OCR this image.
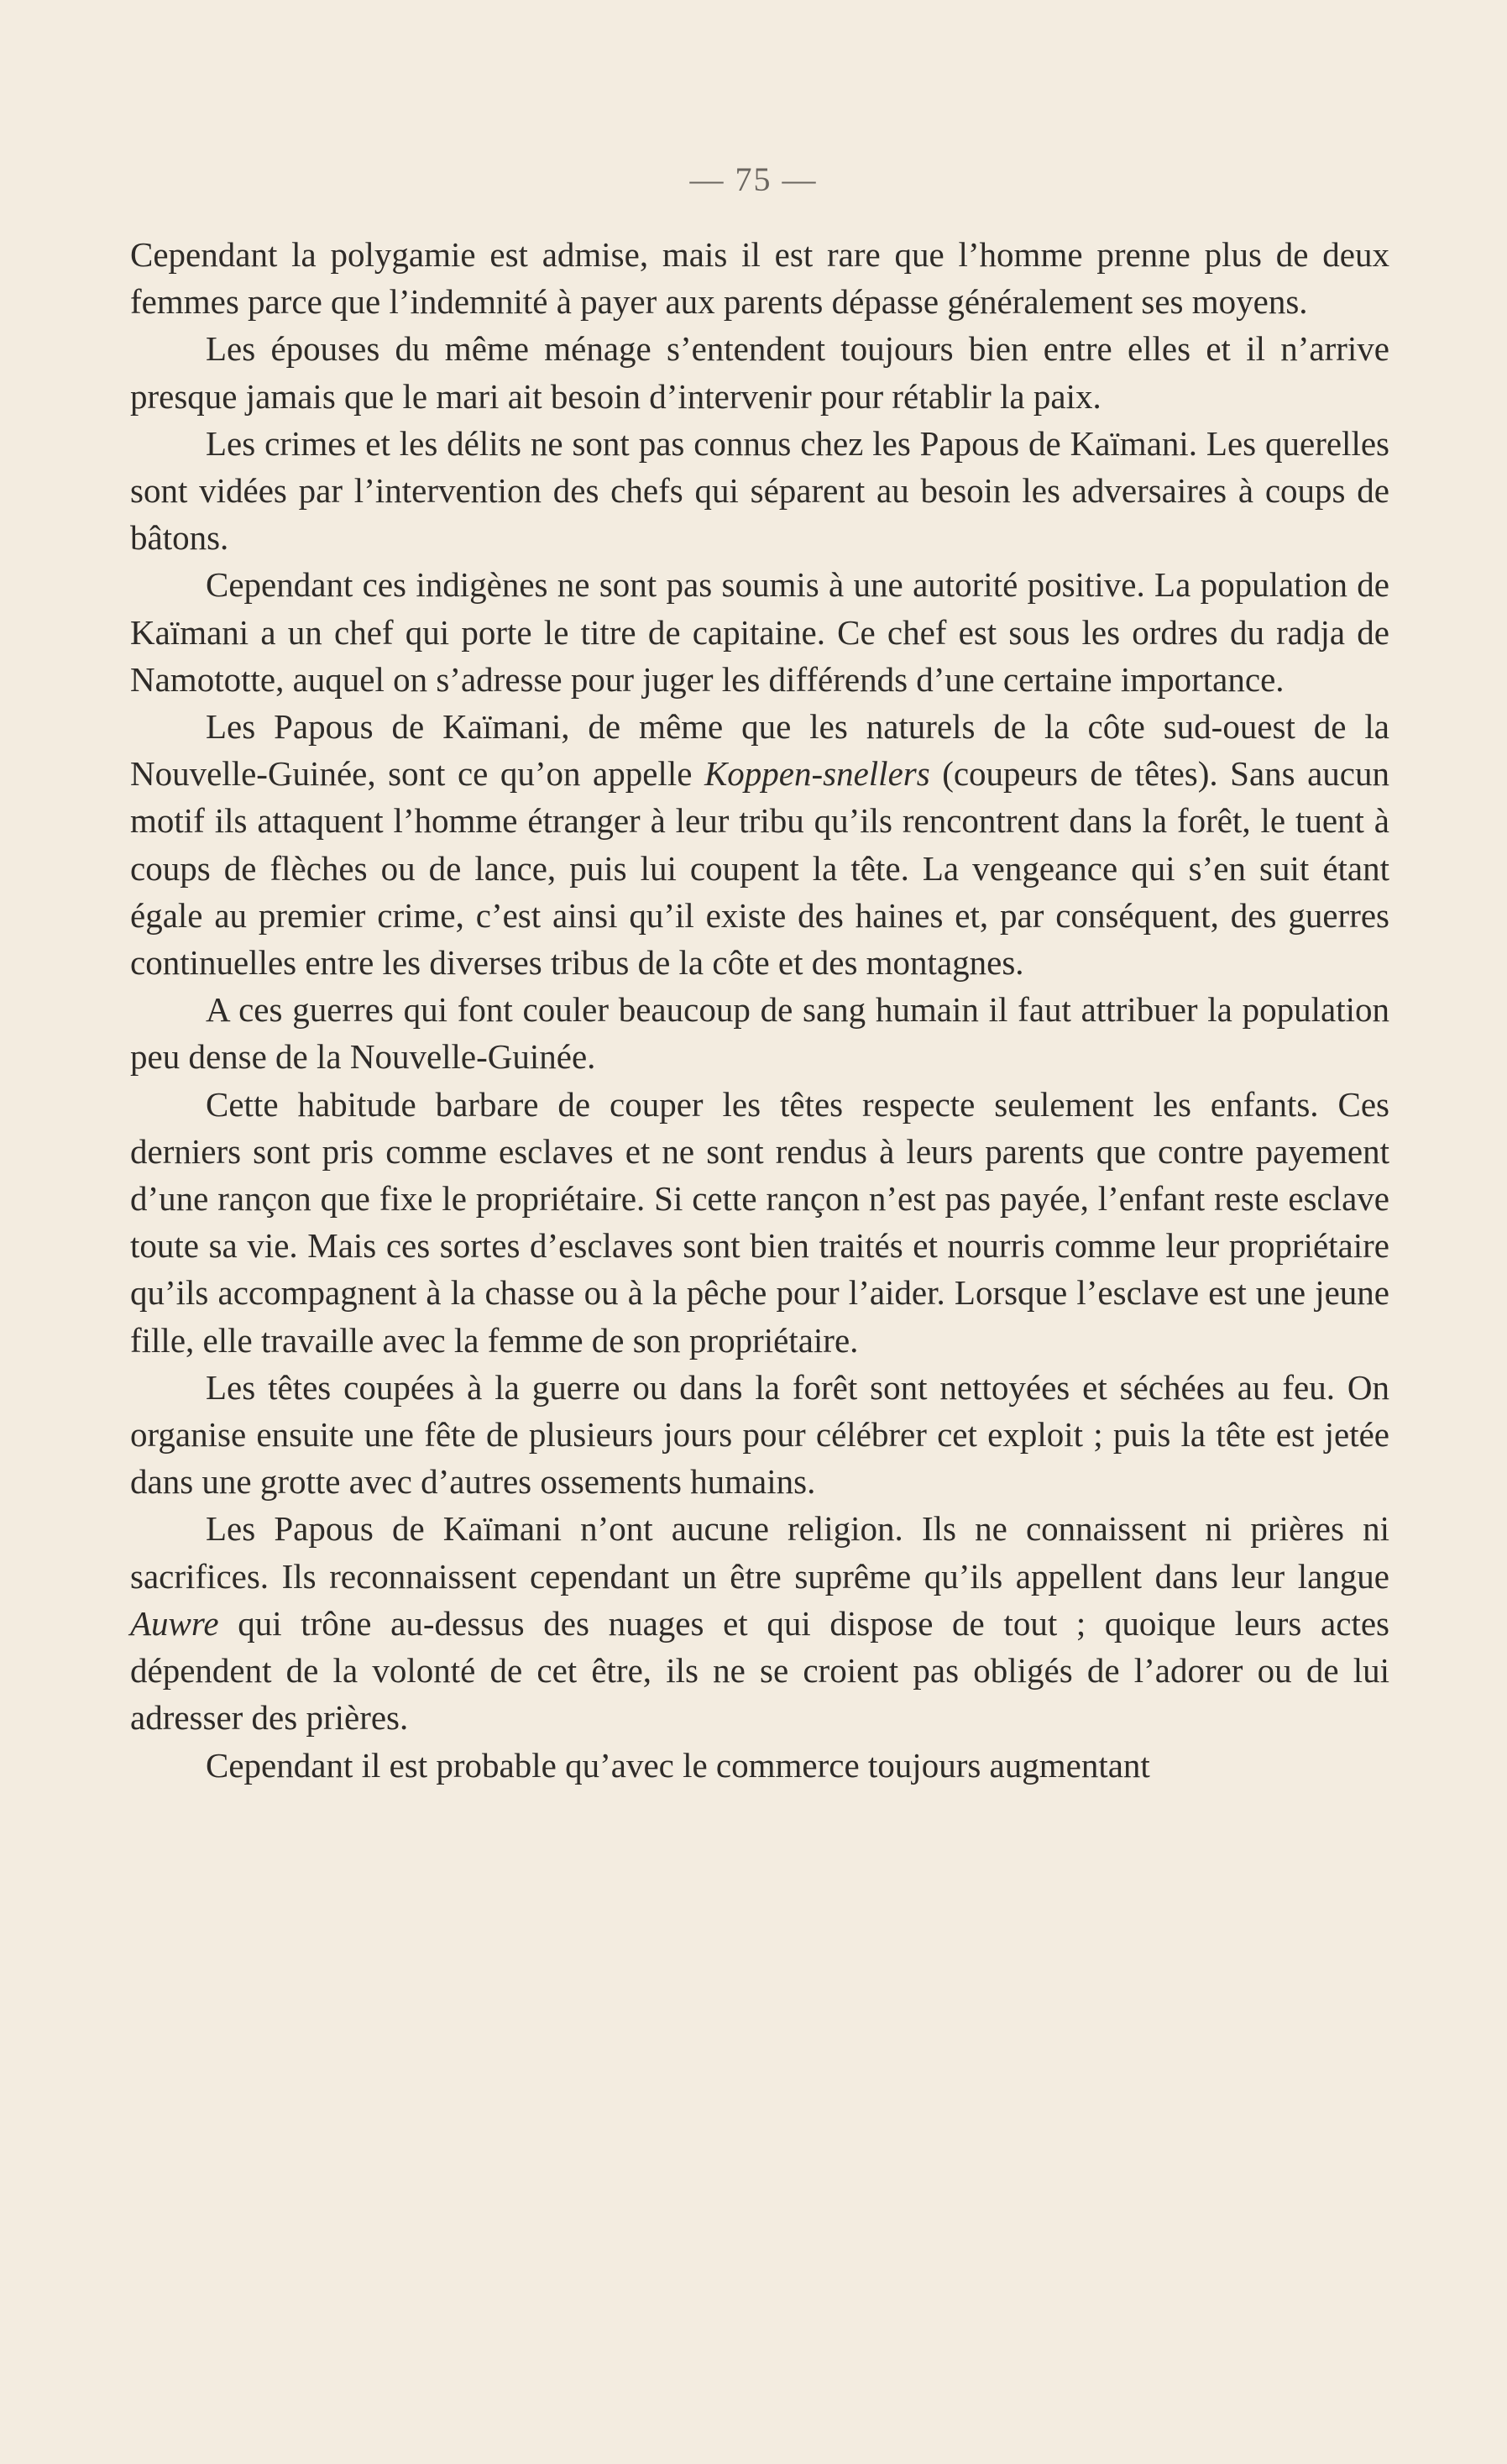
— 75 —

Cependant la polygamie est admise, mais il est rare que l’homme prenne plus de deux femmes parce que l’indemnité à payer aux parents dépasse généralement ses moyens.

Les épouses du même ménage s’entendent toujours bien entre elles et il n’arrive presque jamais que le mari ait besoin d’intervenir pour rétablir la paix.

Les crimes et les délits ne sont pas connus chez les Papous de Kaïmani. Les querelles sont vidées par l’intervention des chefs qui séparent au besoin les adversaires à coups de bâtons.

Cependant ces indigènes ne sont pas soumis à une autorité positive. La population de Kaïmani a un chef qui porte le titre de capitaine. Ce chef est sous les ordres du radja de Namototte, auquel on s’adresse pour juger les différends d’une certaine importance.

Les Papous de Kaïmani, de même que les naturels de la côte sud-ouest de la Nouvelle-Guinée, sont ce qu’on appelle Koppen-snellers (coupeurs de têtes). Sans aucun motif ils attaquent l’homme étranger à leur tribu qu’ils rencontrent dans la forêt, le tuent à coups de flèches ou de lance, puis lui coupent la tête. La vengeance qui s’en suit étant égale au premier crime, c’est ainsi qu’il existe des haines et, par conséquent, des guerres continuelles entre les diverses tribus de la côte et des montagnes.

A ces guerres qui font couler beaucoup de sang humain il faut attribuer la population peu dense de la Nouvelle-Guinée.

Cette habitude barbare de couper les têtes respecte seulement les enfants. Ces derniers sont pris comme esclaves et ne sont rendus à leurs parents que contre payement d’une rançon que fixe le propriétaire. Si cette rançon n’est pas payée, l’enfant reste esclave toute sa vie. Mais ces sortes d’esclaves sont bien traités et nourris comme leur propriétaire qu’ils accompagnent à la chasse ou à la pêche pour l’aider. Lorsque l’esclave est une jeune fille, elle travaille avec la femme de son propriétaire.

Les têtes coupées à la guerre ou dans la forêt sont nettoyées et séchées au feu. On organise ensuite une fête de plusieurs jours pour célébrer cet exploit ; puis la tête est jetée dans une grotte avec d’autres ossements humains.

Les Papous de Kaïmani n’ont aucune religion. Ils ne connaissent ni prières ni sacrifices. Ils reconnaissent cependant un être suprême qu’ils appellent dans leur langue Auwre qui trône au-dessus des nuages et qui dispose de tout ; quoique leurs actes dépendent de la volonté de cet être, ils ne se croient pas obligés de l’adorer ou de lui adresser des prières.

Cependant il est probable qu’avec le commerce toujours augmentant
